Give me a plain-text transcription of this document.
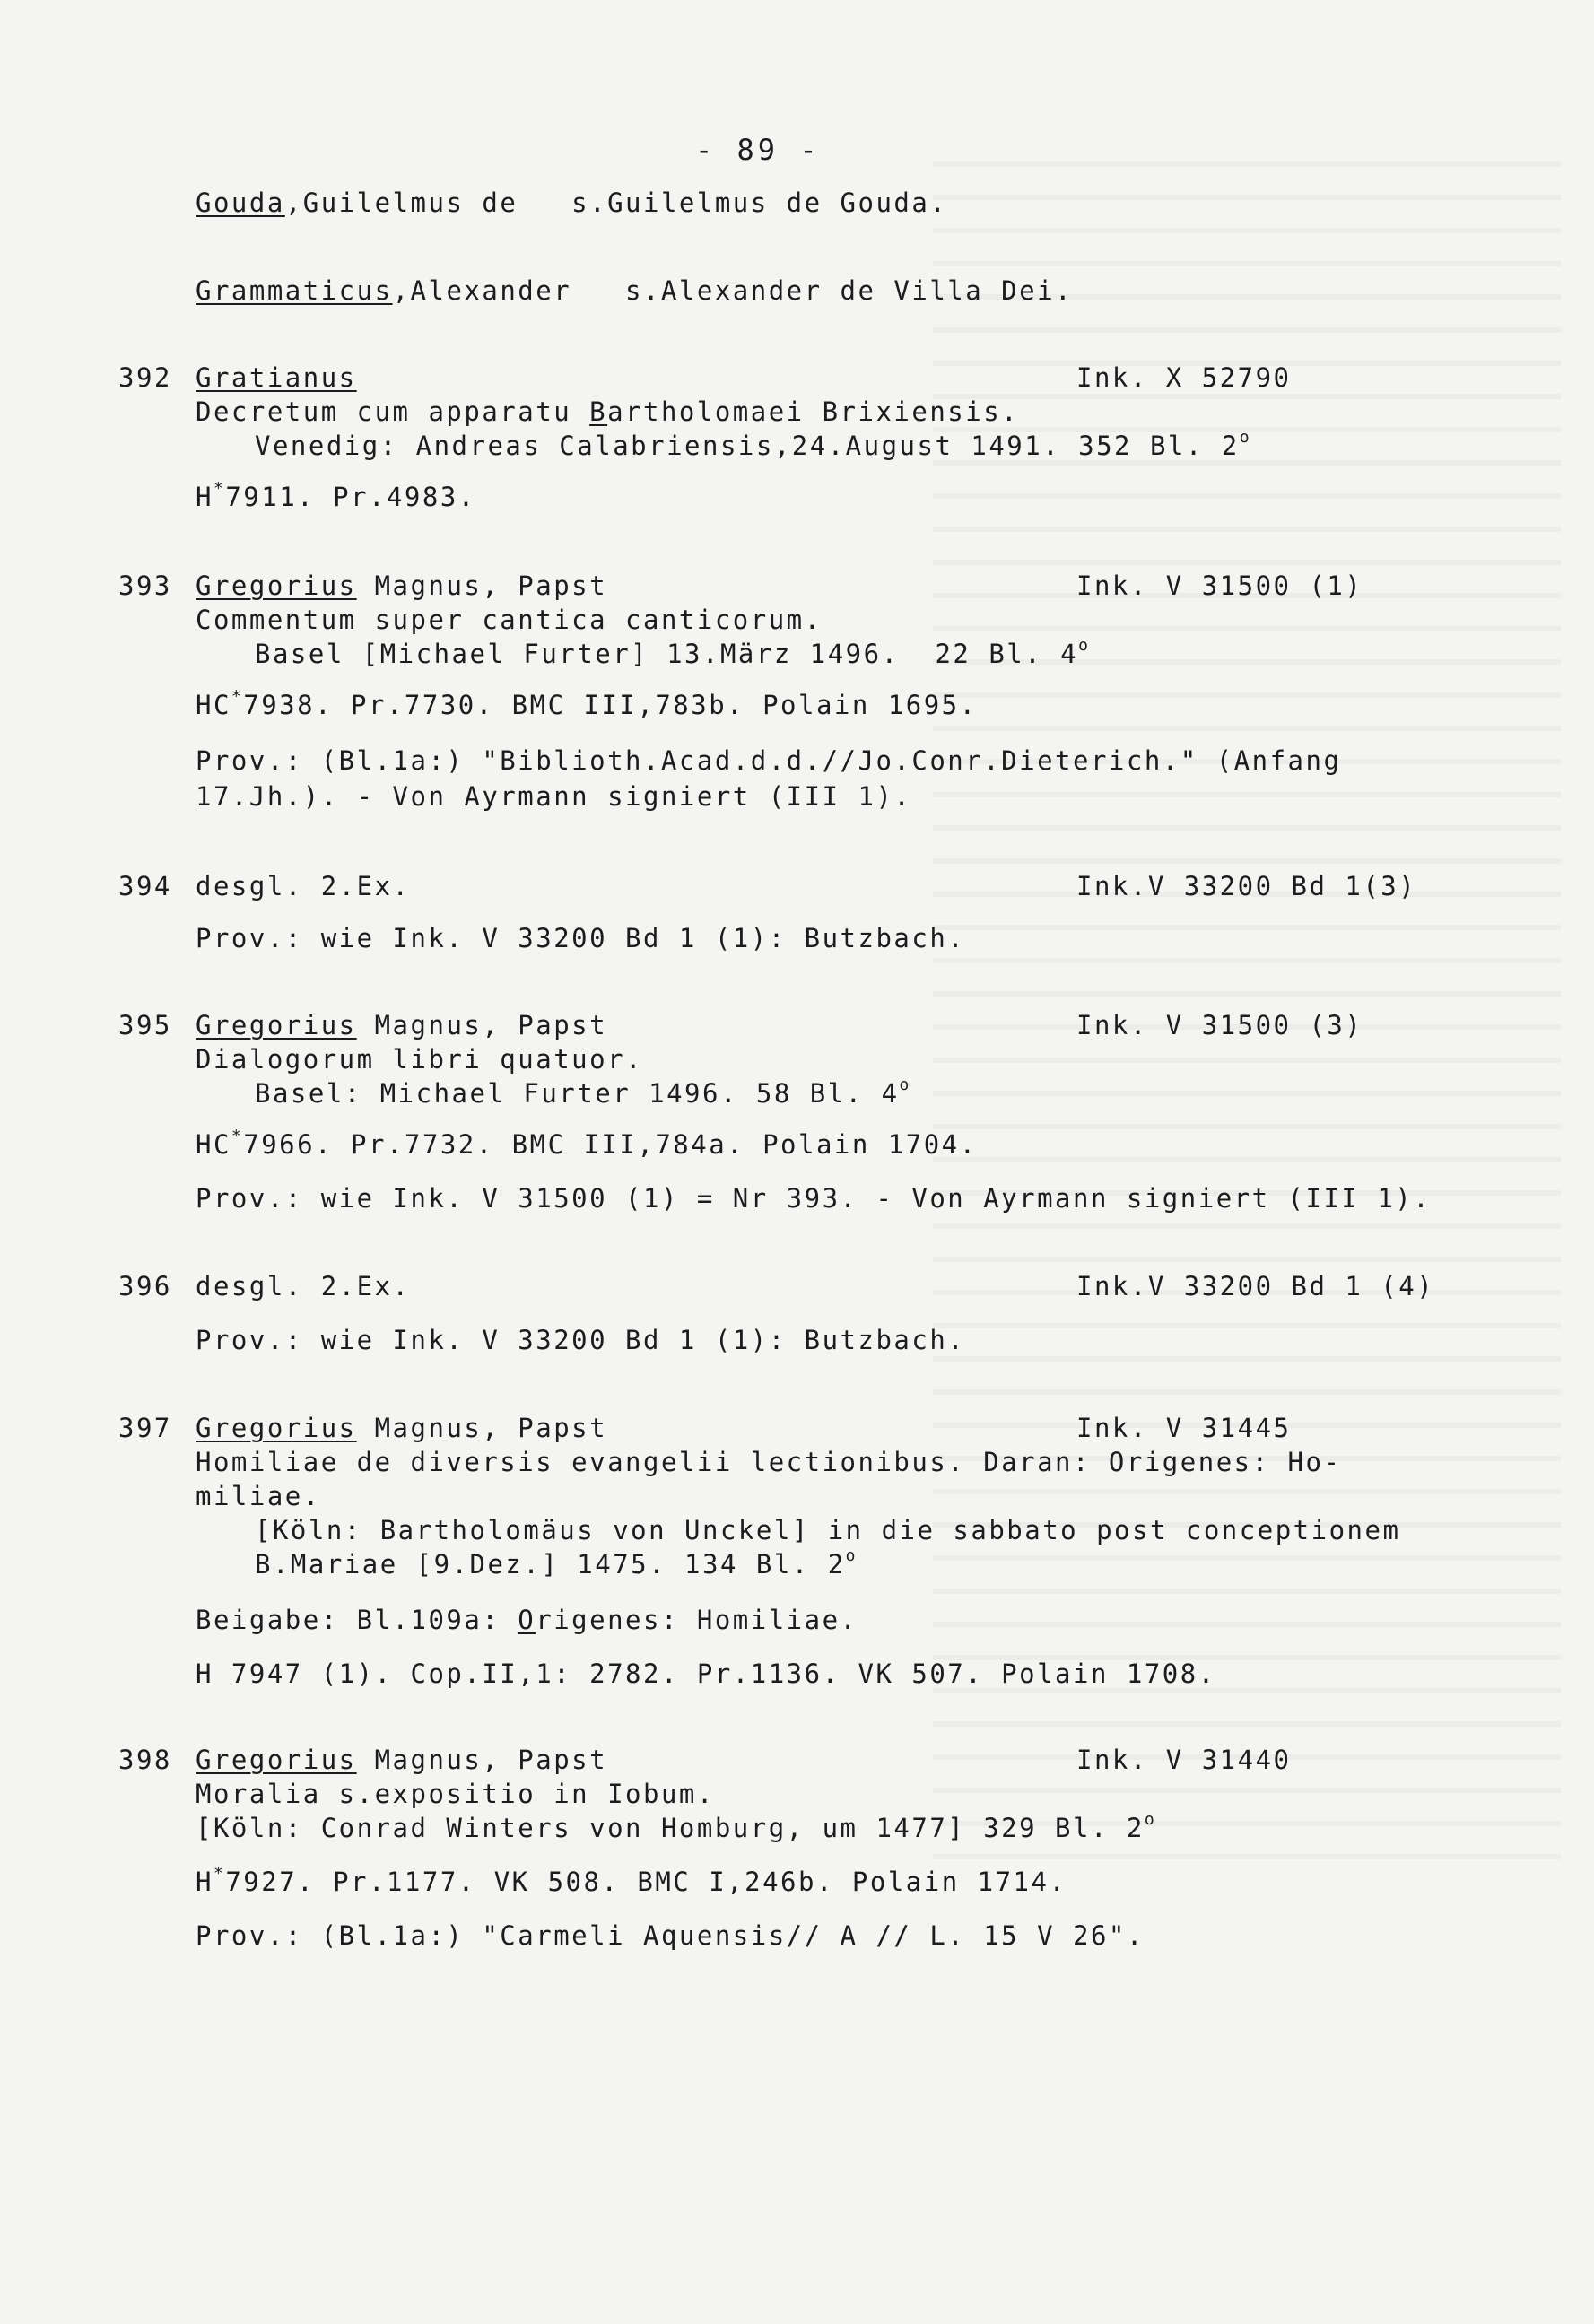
- 89 -
Gouda,Guilelmus de   s.Guilelmus de Gouda.
Grammaticus,Alexander   s.Alexander de Villa Dei.
392 Gratianus	Ink. X 52790
Decretum cum apparatu Bartholomaei Brixiensis.
Venedig: Andreas Calabriensis,24.August 1491. 352 Bl. 2$^o$
H*7911. Pr.4983.
393 Gregorius Magnus, Papst	Ink. V 31500 (1)
Commentum super cantica canticorum.
Basel [Michael Furter] 13.März 1496.  22 Bl. 4$^o$
HC*7938. Pr.7730. BMC III,783b. Polain 1695.
Prov.: (Bl.1a:) "Biblioth.Acad.d.d.//Jo.Conr.Dieterich." (Anfang
17.Jh.). - Von Ayrmann signiert (III 1).
394 desgl. 2.Ex.	Ink.V 33200 Bd 1(3)
Prov.: wie Ink. V 33200 Bd 1 (1): Butzbach.
395 Gregorius Magnus, Papst	Ink. V 31500 (3)
Dialogorum libri quatuor.
Basel: Michael Furter 1496. 58 Bl. 4$^o$
HC*7966. Pr.7732. BMC III,784a. Polain 1704.
Prov.: wie Ink. V 31500 (1) = Nr 393. - Von Ayrmann signiert (III 1).
396 desgl. 2.Ex.	Ink.V 33200 Bd 1 (4)
Prov.: wie Ink. V 33200 Bd 1 (1): Butzbach.
397 Gregorius Magnus, Papst	Ink. V 31445
Homiliae de diversis evangelii lectionibus. Daran: Origenes: Ho-
miliae.
[Köln: Bartholomäus von Unckel] in die sabbato post conceptionem
B.Mariae [9.Dez.] 1475. 134 Bl. 2$^o$
Beigabe: Bl.109a: Origenes: Homiliae.
H 7947 (1). Cop.II,1: 2782. Pr.1136. VK 507. Polain 1708.
398 Gregorius Magnus, Papst	Ink. V 31440
Moralia s.expositio in Iobum.
[Köln: Conrad Winters von Homburg, um 1477] 329 Bl. 2$^o$
H*7927. Pr.1177. VK 508. BMC I,246b. Polain 1714.
Prov.: (Bl.1a:) "Carmeli Aquensis// A // L. 15 V 26".
